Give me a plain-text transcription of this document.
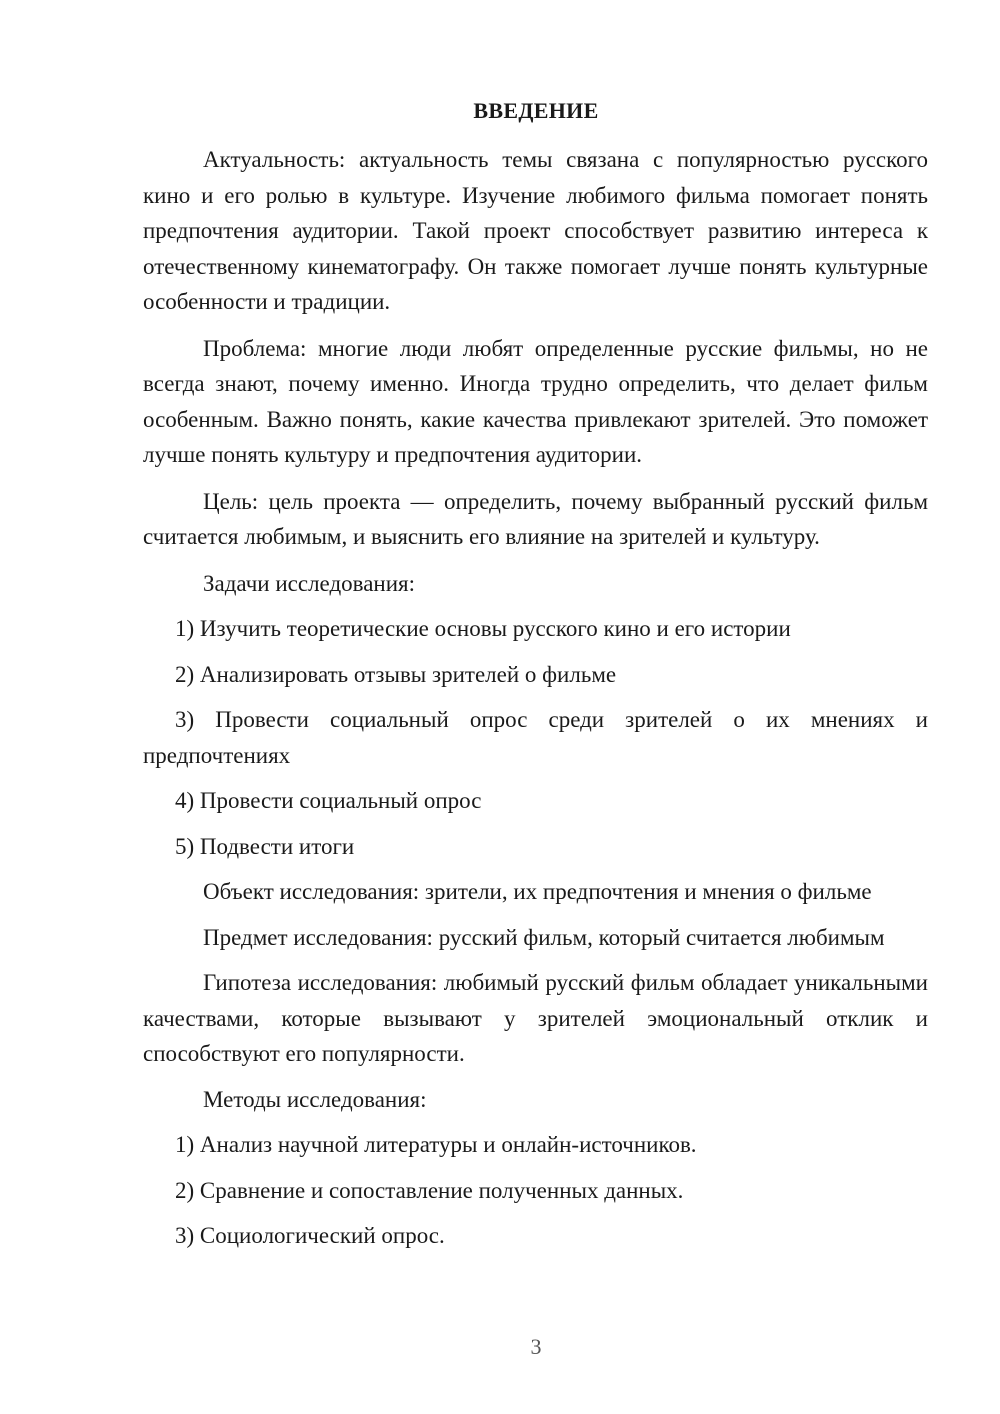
ВВЕДЕНИЕ

Актуальность: актуальность темы связана с популярностью русского кино и его ролью в культуре. Изучение любимого фильма помогает понять предпочтения аудитории. Такой проект способствует развитию интереса к отечественному кинематографу. Он также помогает лучше понять культурные особенности и традиции.

Проблема: многие люди любят определенные русские фильмы, но не всегда знают, почему именно. Иногда трудно определить, что делает фильм особенным. Важно понять, какие качества привлекают зрителей. Это поможет лучше понять культуру и предпочтения аудитории.

Цель: цель проекта — определить, почему выбранный русский фильм считается любимым, и выяснить его влияние на зрителей и культуру.

Задачи исследования:

1) Изучить теоретические основы русского кино и его истории

2) Анализировать отзывы зрителей о фильме

3) Провести социальный опрос среди зрителей о их мнениях и предпочтениях

4) Провести социальный опрос

5) Подвести итоги

Объект исследования: зрители, их предпочтения и мнения о фильме

Предмет исследования: русский фильм, который считается любимым

Гипотеза исследования: любимый русский фильм обладает уникальными качествами, которые вызывают у зрителей эмоциональный отклик и способствуют его популярности.

Методы исследования:

1) Анализ научной литературы и онлайн-источников.

2) Сравнение и сопоставление полученных данных.

3) Социологический опрос.

3
